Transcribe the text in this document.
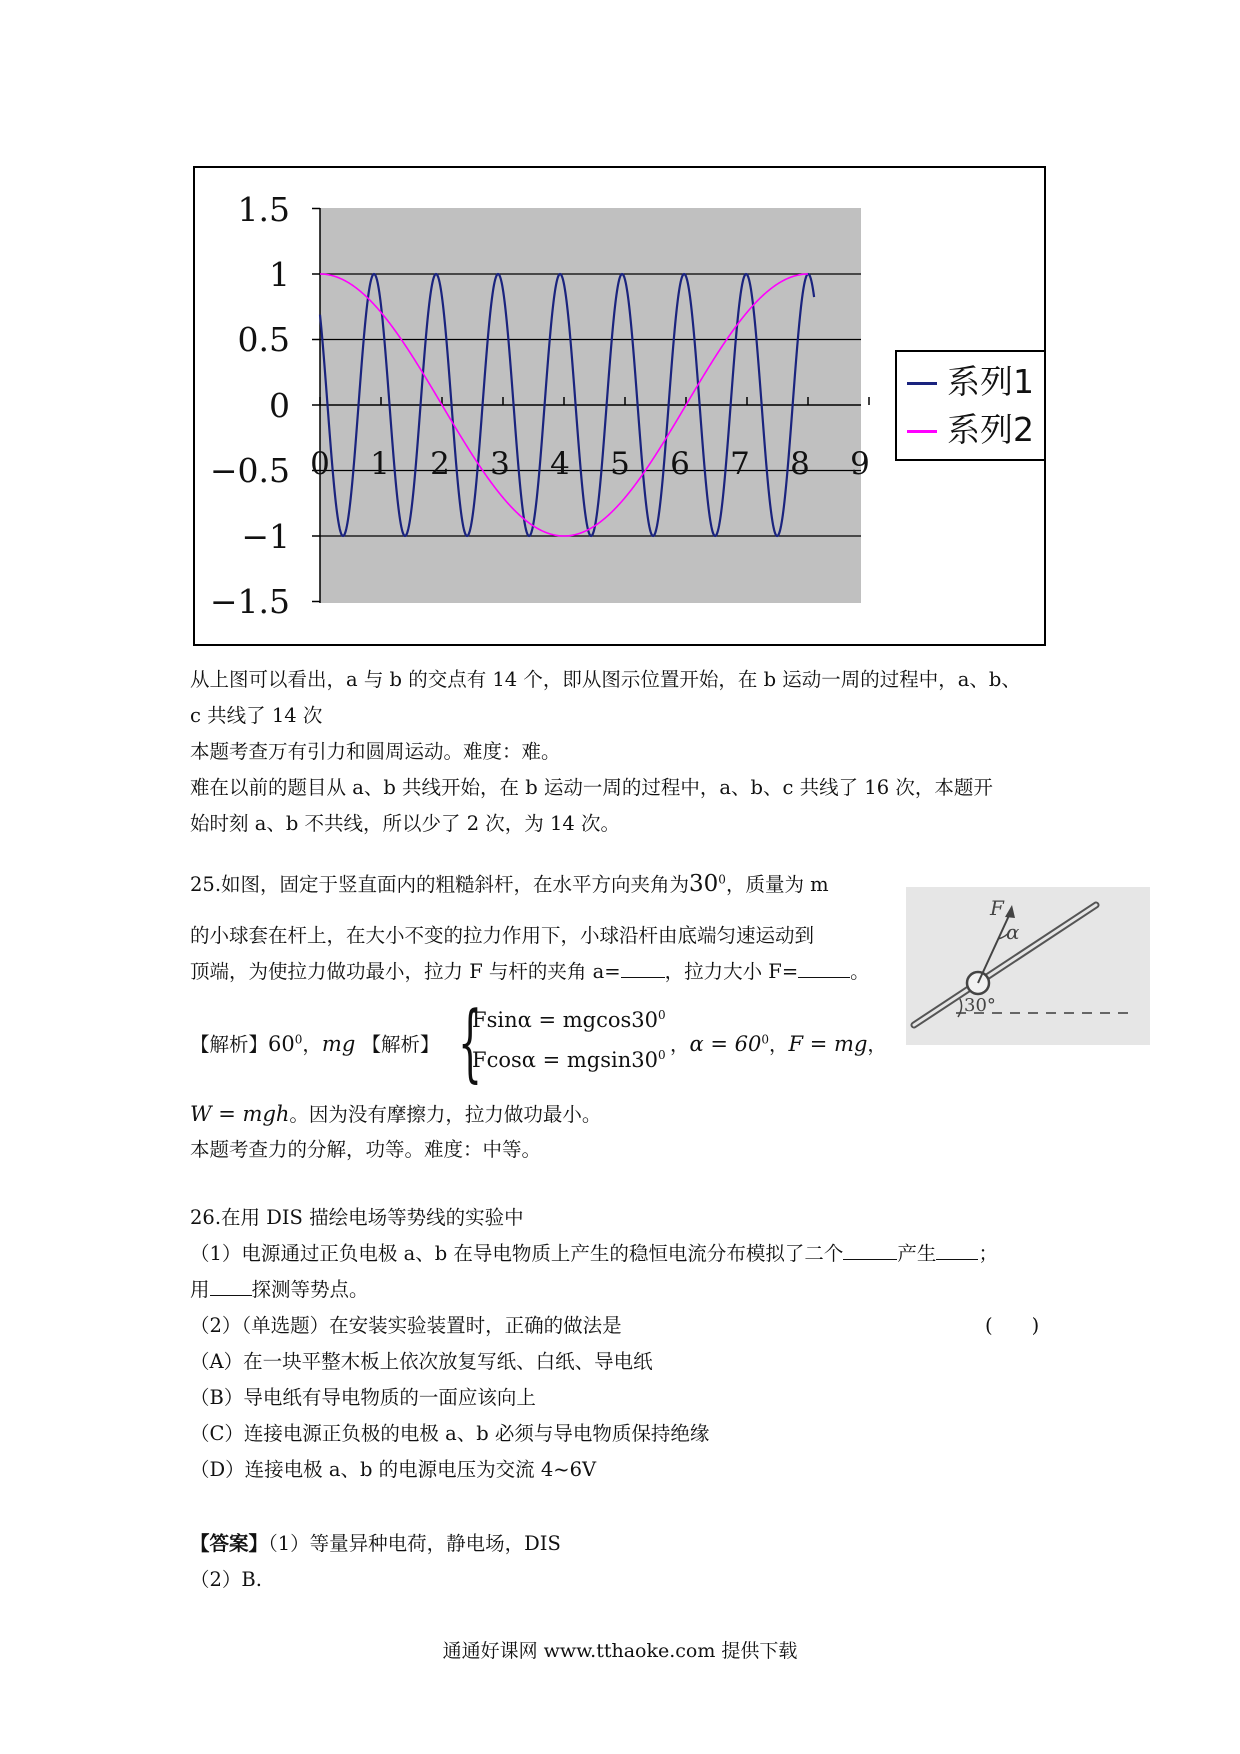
1.5
1
0.5
0
−0.5
−1
−1.5
0	1	2	3	4	5	6	7	8	9
系列1
系列2
从上图可以看出，a 与 b 的交点有 14 个，即从图示位置开始，在 b 运动一周的过程中，a、b、
c 共线了 14 次
本题考查万有引力和圆周运动。难度：难。
难在以前的题目从 a、b 共线开始，在 b 运动一周的过程中，a、b、c 共线了 16 次，本题开
始时刻 a、b 不共线，所以少了 2 次，为 14 次。
25.如图，固定于竖直面内的粗糙斜杆，在水平方向夹角为$30^0$，质量为 m
的小球套在杆上，在大小不变的拉力作用下，小球沿杆由底端匀速运动到
顶端，为使拉力做功最小，拉力 F 与杆的夹角 a= ，拉力大小 F=	。
F
α
30°
【解析】$60^0$，mg 【解析】 {
$Fsin\alpha = mgcos30^0$
$Fcos\alpha = mgsin30^0$ ，$\alpha = 60^0$，F = mg，
W = mgh。因为没有摩擦力，拉力做功最小。
本题考查力的分解，功等。难度：中等。
26.在用 DIS 描绘电场等势线的实验中
（1）电源通过正负电极 a、b 在导电物质上产生的稳恒电流分布模拟了二个	产生 ；
用 探测等势点。
（2）（单选题）在安装实验装置时，正确的做法是	(　　)
（A）在一块平整木板上依次放复写纸、白纸、导电纸
（B）导电纸有导电物质的一面应该向上
（C）连接电源正负极的电极 a、b 必须与导电物质保持绝缘
（D）连接电极 a、b 的电源电压为交流 4~6V
【答案】（1）等量异种电荷，静电场，DIS
（2）B.
通通好课网 www.tthaoke.com 提供下载
